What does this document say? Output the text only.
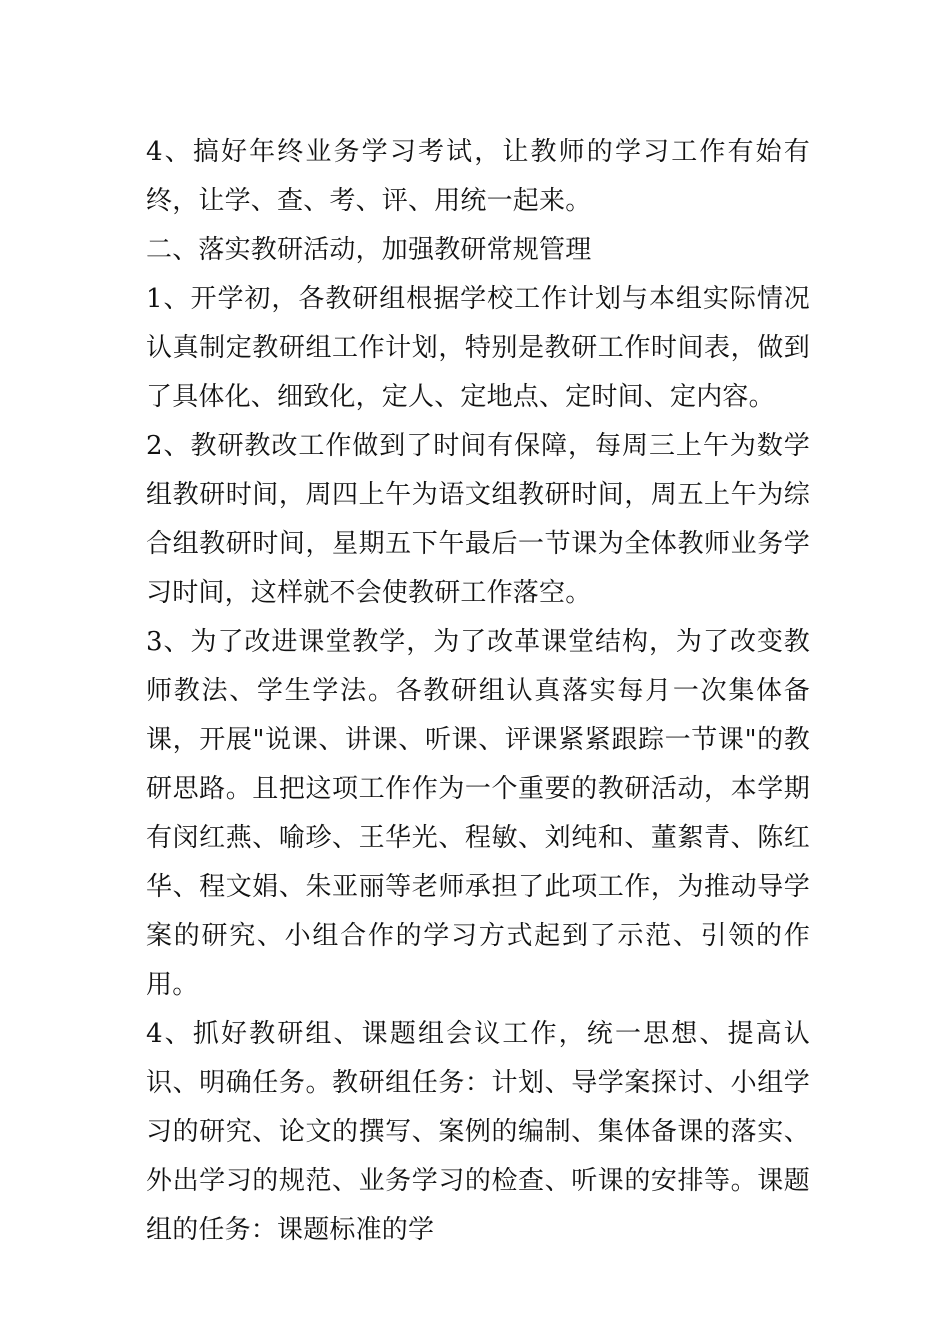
4、搞好年终业务学习考试，让教师的学习工作有始有终，让学、查、考、评、用统一起来。

二、落实教研活动，加强教研常规管理

1、开学初，各教研组根据学校工作计划与本组实际情况认真制定教研组工作计划，特别是教研工作时间表，做到了具体化、细致化，定人、定地点、定时间、定内容。

2、教研教改工作做到了时间有保障，每周三上午为数学组教研时间，周四上午为语文组教研时间，周五上午为综合组教研时间，星期五下午最后一节课为全体教师业务学习时间，这样就不会使教研工作落空。

3、为了改进课堂教学，为了改革课堂结构，为了改变教师教法、学生学法。各教研组认真落实每月一次集体备课，开展"说课、讲课、听课、评课紧紧跟踪一节课"的教研思路。且把这项工作作为一个重要的教研活动，本学期有闵红燕、喻珍、王华光、程敏、刘纯和、董絮青、陈红华、程文娟、朱亚丽等老师承担了此项工作，为推动导学案的研究、小组合作的学习方式起到了示范、引领的作用。

4、抓好教研组、课题组会议工作，统一思想、提高认识、明确任务。教研组任务：计划、导学案探讨、小组学习的研究、论文的撰写、案例的编制、集体备课的落实、外出学习的规范、业务学习的检查、听课的安排等。课题组的任务：课题标准的学
